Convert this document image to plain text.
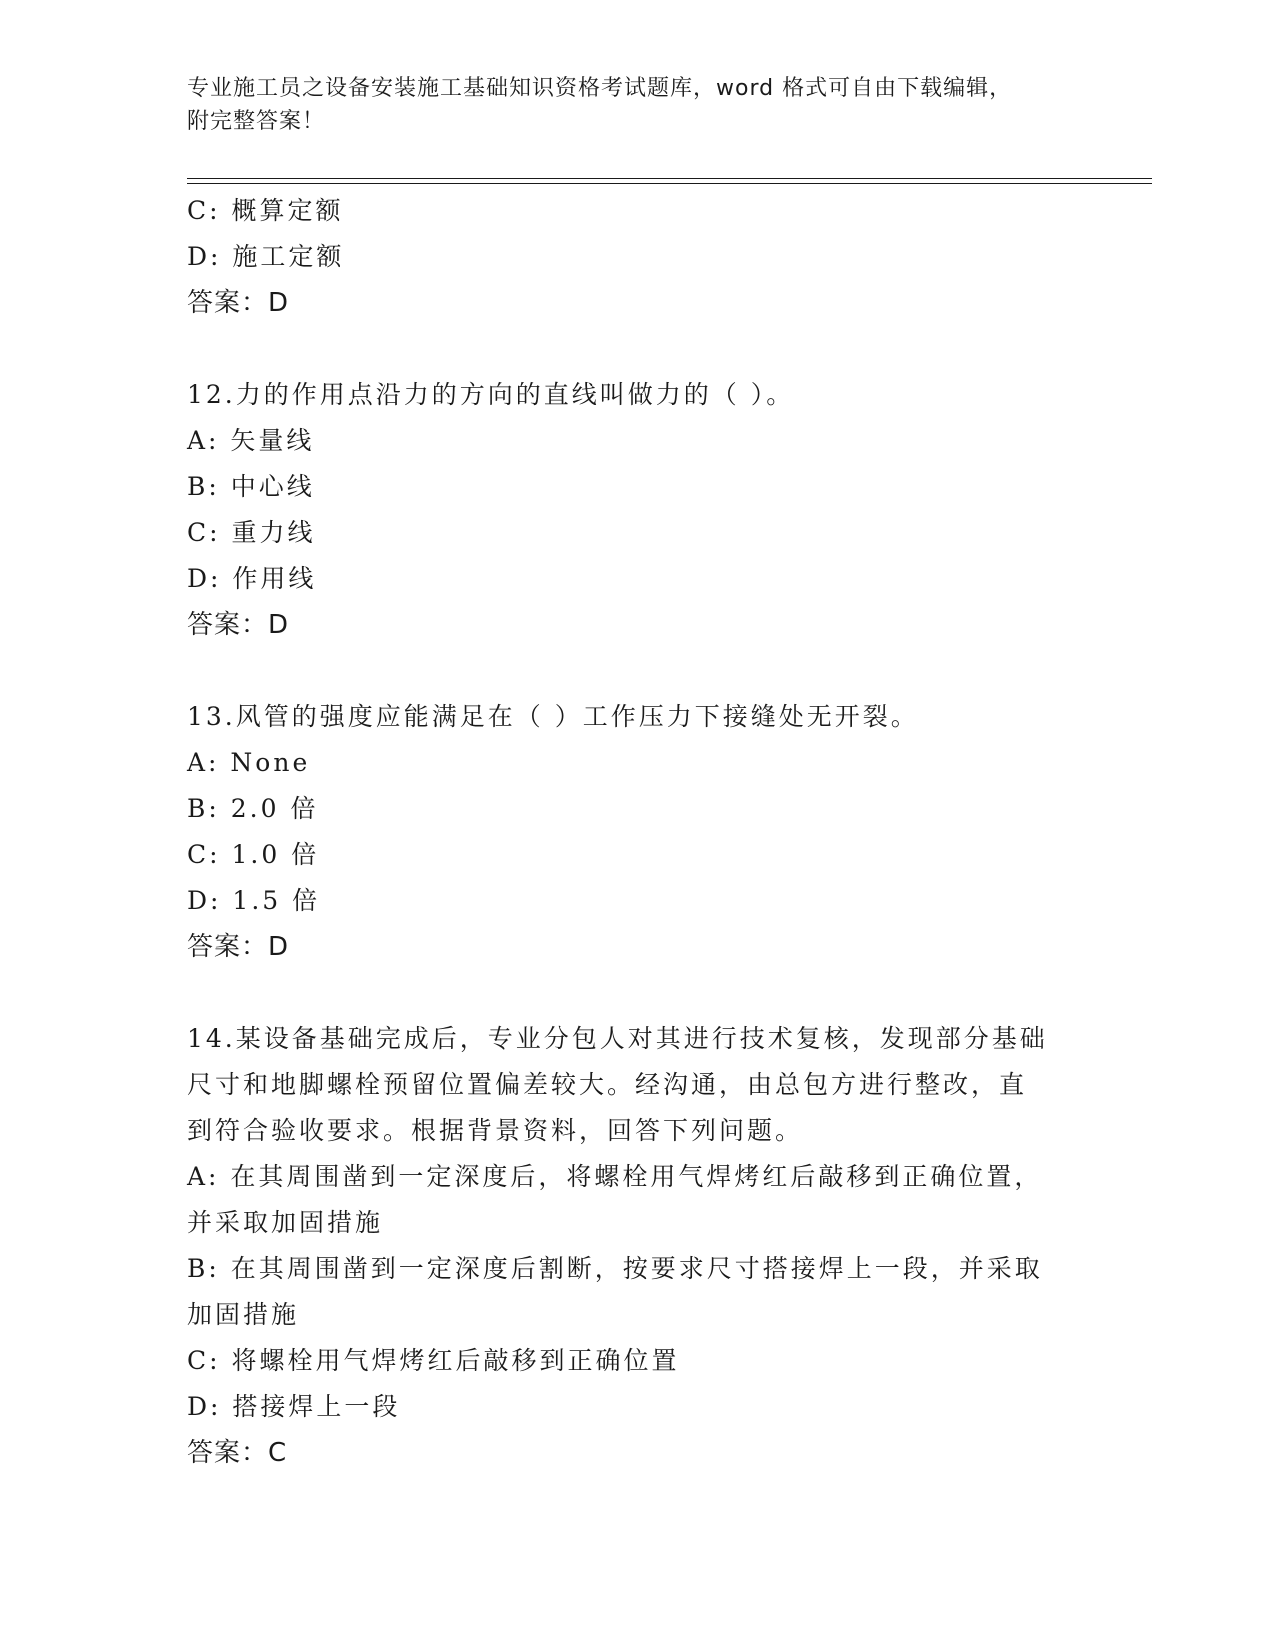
专业施工员之设备安装施工基础知识资格考试题库，word 格式可自由下载编辑，
附完整答案！
C: 概算定额
D: 施工定额
答案：D
12.力的作用点沿力的方向的直线叫做力的（ ）。
A: 矢量线
B: 中心线
C: 重力线
D: 作用线
答案：D
13.风管的强度应能满足在（ ）工作压力下接缝处无开裂。
A: None
B: 2.0 倍
C: 1.0 倍
D: 1.5 倍
答案：D
14.某设备基础完成后，专业分包人对其进行技术复核，发现部分基础
尺寸和地脚螺栓预留位置偏差较大。经沟通，由总包方进行整改，直
到符合验收要求。根据背景资料，回答下列问题。
A: 在其周围凿到一定深度后，将螺栓用气焊烤红后敲移到正确位置，
并采取加固措施
B: 在其周围凿到一定深度后割断，按要求尺寸搭接焊上一段，并采取
加固措施
C: 将螺栓用气焊烤红后敲移到正确位置
D: 搭接焊上一段
答案：C
